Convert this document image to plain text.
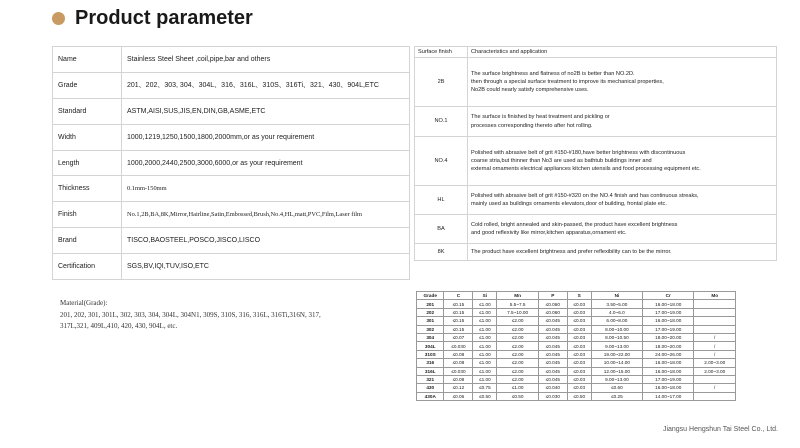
Product parameter
Name	Stainless Steel Sheet ,coil,pipe,bar and others
Grade	201、202、303, 304、304L、316、316L、310S、316Ti、321、430、904L,ETC
Standard	ASTM,AISI,SUS,JIS,EN,DIN,GB,ASME,ETC
Width	1000,1219,1250,1500,1800,2000mm,or as your requirement
Length	1000,2000,2440,2500,3000,6000,or as your requirement
Thickness	0.1mm-150mm
Finish	No.1,2B,BA,8K,Mirror,Hairline,Satin,Embossed,Brush,No.4,HL,matt,PVC,Film,Laser film
Brand	TISCO,BAOSTEEL,POSCO,JISCO,LISCO
Certification	SGS,BV,IQI,TUV,ISO,ETC
Surface finish	Characteristics and application
2B	The surface brightness and flatness of no2B is better than NO.2D.
then through a special surface treatment to improve its mechanical properties,
No2B could nearly satisfy comprehensive uses.

NO.1	The surface is finished by heat treatment and pickling or
processes corresponding thereto after hot rolling.

NO.4	Polished with abrasive belt of grit #150-#180,have better brightness with discontinuous
coarse stria,but thinner than No3 are used as bathtub buildings inner and
external ornaments electrical appliances kitchen utensils and food processing equipment etc.

HL	Polished with abrasive belt of grit #150-#320 on the NO.4 finish and has continuous streaks,
mainly used as buildings ornaments elevators,door of building, frontal plate etc.

BA	Cold rolled, bright annealed and skin-passed, the product have excellent brightness
and good reflexivity like mirror,kitchen apparatus,ornament etc.

8K	The product have excellent brightness and prefer reflexibility can to be the mirror.
Material(Grade):
201, 202, 301, 301L, 302, 303, 304, 304L, 304N1, 309S, 310S, 316, 316L, 316Ti,316N, 317,
317L,321, 409L,410, 420, 430, 904L, etc.
Grade	C	Si	Mn	P	S	Ni	Cr	Mo
201	≤0.15	≤1.00	5.5~7.5	≤0.060	≤0.03	3.50~5.00	16.00~18.00	
202	≤0.15	≤1.00	7.5~10.00	≤0.060	≤0.03	4.0~6.0	17.00~19.00	
301	≤0.15	≤1.00	≤2.00	≤0.045	≤0.03	6.00~8.00	16.00~18.00	
302	≤0.15	≤1.00	≤2.00	≤0.045	≤0.03	8.00~10.00	17.00~19.00	
304	≤0.07	≤1.00	≤2.00	≤0.045	≤0.03	8.00~10.50	18.00~20.00	/
304L	≤0.030	≤1.00	≤2.00	≤0.045	≤0.03	9.00~13.00	18.00~20.00	/
310S	≤0.08	≤1.00	≤2.00	≤0.045	≤0.03	19.00~22.00	24.00~26.00	/
316	≤0.08	≤1.00	≤2.00	≤0.045	≤0.03	10.00~14.00	16.00~18.00	2.00~3.00
316L	≤0.030	≤1.00	≤2.00	≤0.045	≤0.03	12.00~15.00	16.00~18.00	2.00~3.00
321	≤0.08	≤1.00	≤2.00	≤0.045	≤0.03	9.00~13.00	17.00~19.00	
430	≤0.12	≤0.75	≤1.00	≤0.040	≤0.03	≤0.60	16.00~18.00	/
430A	≤0.06	≤0.50	≤0.50	≤0.030	≤0.50	≤0.25	14.00~17.00	
Jiangsu Hengshun Tai Steel Co., Ltd.
